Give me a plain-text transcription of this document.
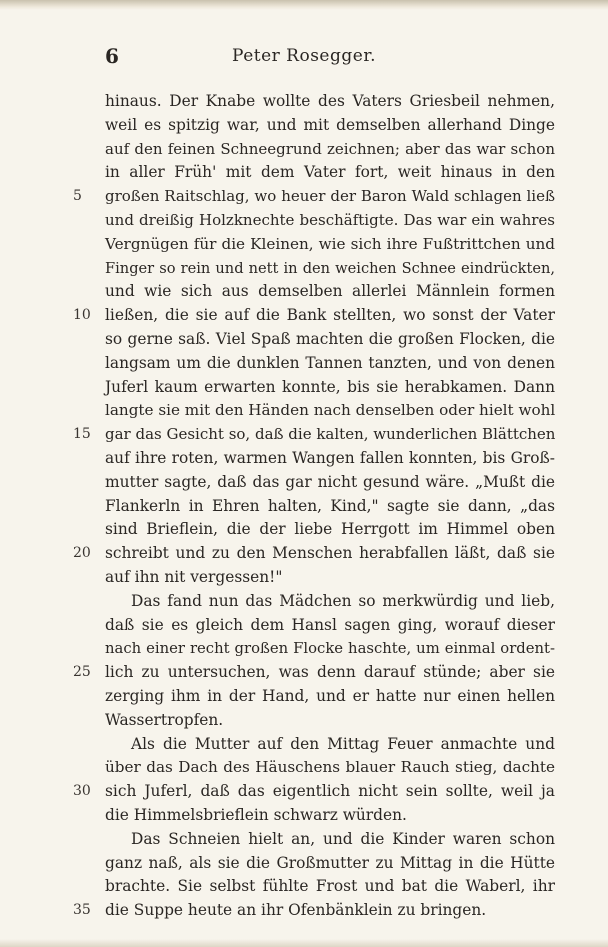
6	Peter Rosegger.
hinaus. Der Knabe wollte des Vaters Griesbeil nehmen,
weil es spitzig war, und mit demselben allerhand Dinge
auf den feinen Schneegrund zeichnen; aber das war schon
in aller Früh' mit dem Vater fort, weit hinaus in den
5	großen Raitschlag, wo heuer der Baron Wald schlagen ließ
und dreißig Holzknechte beschäftigte. Das war ein wahres
Vergnügen für die Kleinen, wie sich ihre Fußtrittchen und
Finger so rein und nett in den weichen Schnee eindrückten,
und wie sich aus demselben allerlei Männlein formen
10 ließen, die sie auf die Bank stellten, wo sonst der Vater
so gerne saß. Viel Spaß machten die großen Flocken, die
langsam um die dunklen Tannen tanzten, und von denen
Juferl kaum erwarten konnte, bis sie herabkamen. Dann
langte sie mit den Händen nach denselben oder hielt wohl
15 gar das Gesicht so, daß die kalten, wunderlichen Blättchen
auf ihre roten, warmen Wangen fallen konnten, bis Groß-
mutter sagte, daß das gar nicht gesund wäre. „Mußt die
Flankerln in Ehren halten, Kind," sagte sie dann, „das
sind Brieflein, die der liebe Herrgott im Himmel oben
20 schreibt und zu den Menschen herabfallen läßt, daß sie
auf ihn nit vergessen!"
Das fand nun das Mädchen so merkwürdig und lieb,
daß sie es gleich dem Hansl sagen ging, worauf dieser
nach einer recht großen Flocke haschte, um einmal ordent-
25 lich zu untersuchen, was denn darauf stünde; aber sie
zerging ihm in der Hand, und er hatte nur einen hellen
Wassertropfen.
Als die Mutter auf den Mittag Feuer anmachte und
über das Dach des Häuschens blauer Rauch stieg, dachte
30 sich Juferl, daß das eigentlich nicht sein sollte, weil ja
die Himmelsbrieflein schwarz würden.
Das Schneien hielt an, und die Kinder waren schon
ganz naß, als sie die Großmutter zu Mittag in die Hütte
brachte. Sie selbst fühlte Frost und bat die Waberl, ihr
35 die Suppe heute an ihr Ofenbänklein zu bringen.
